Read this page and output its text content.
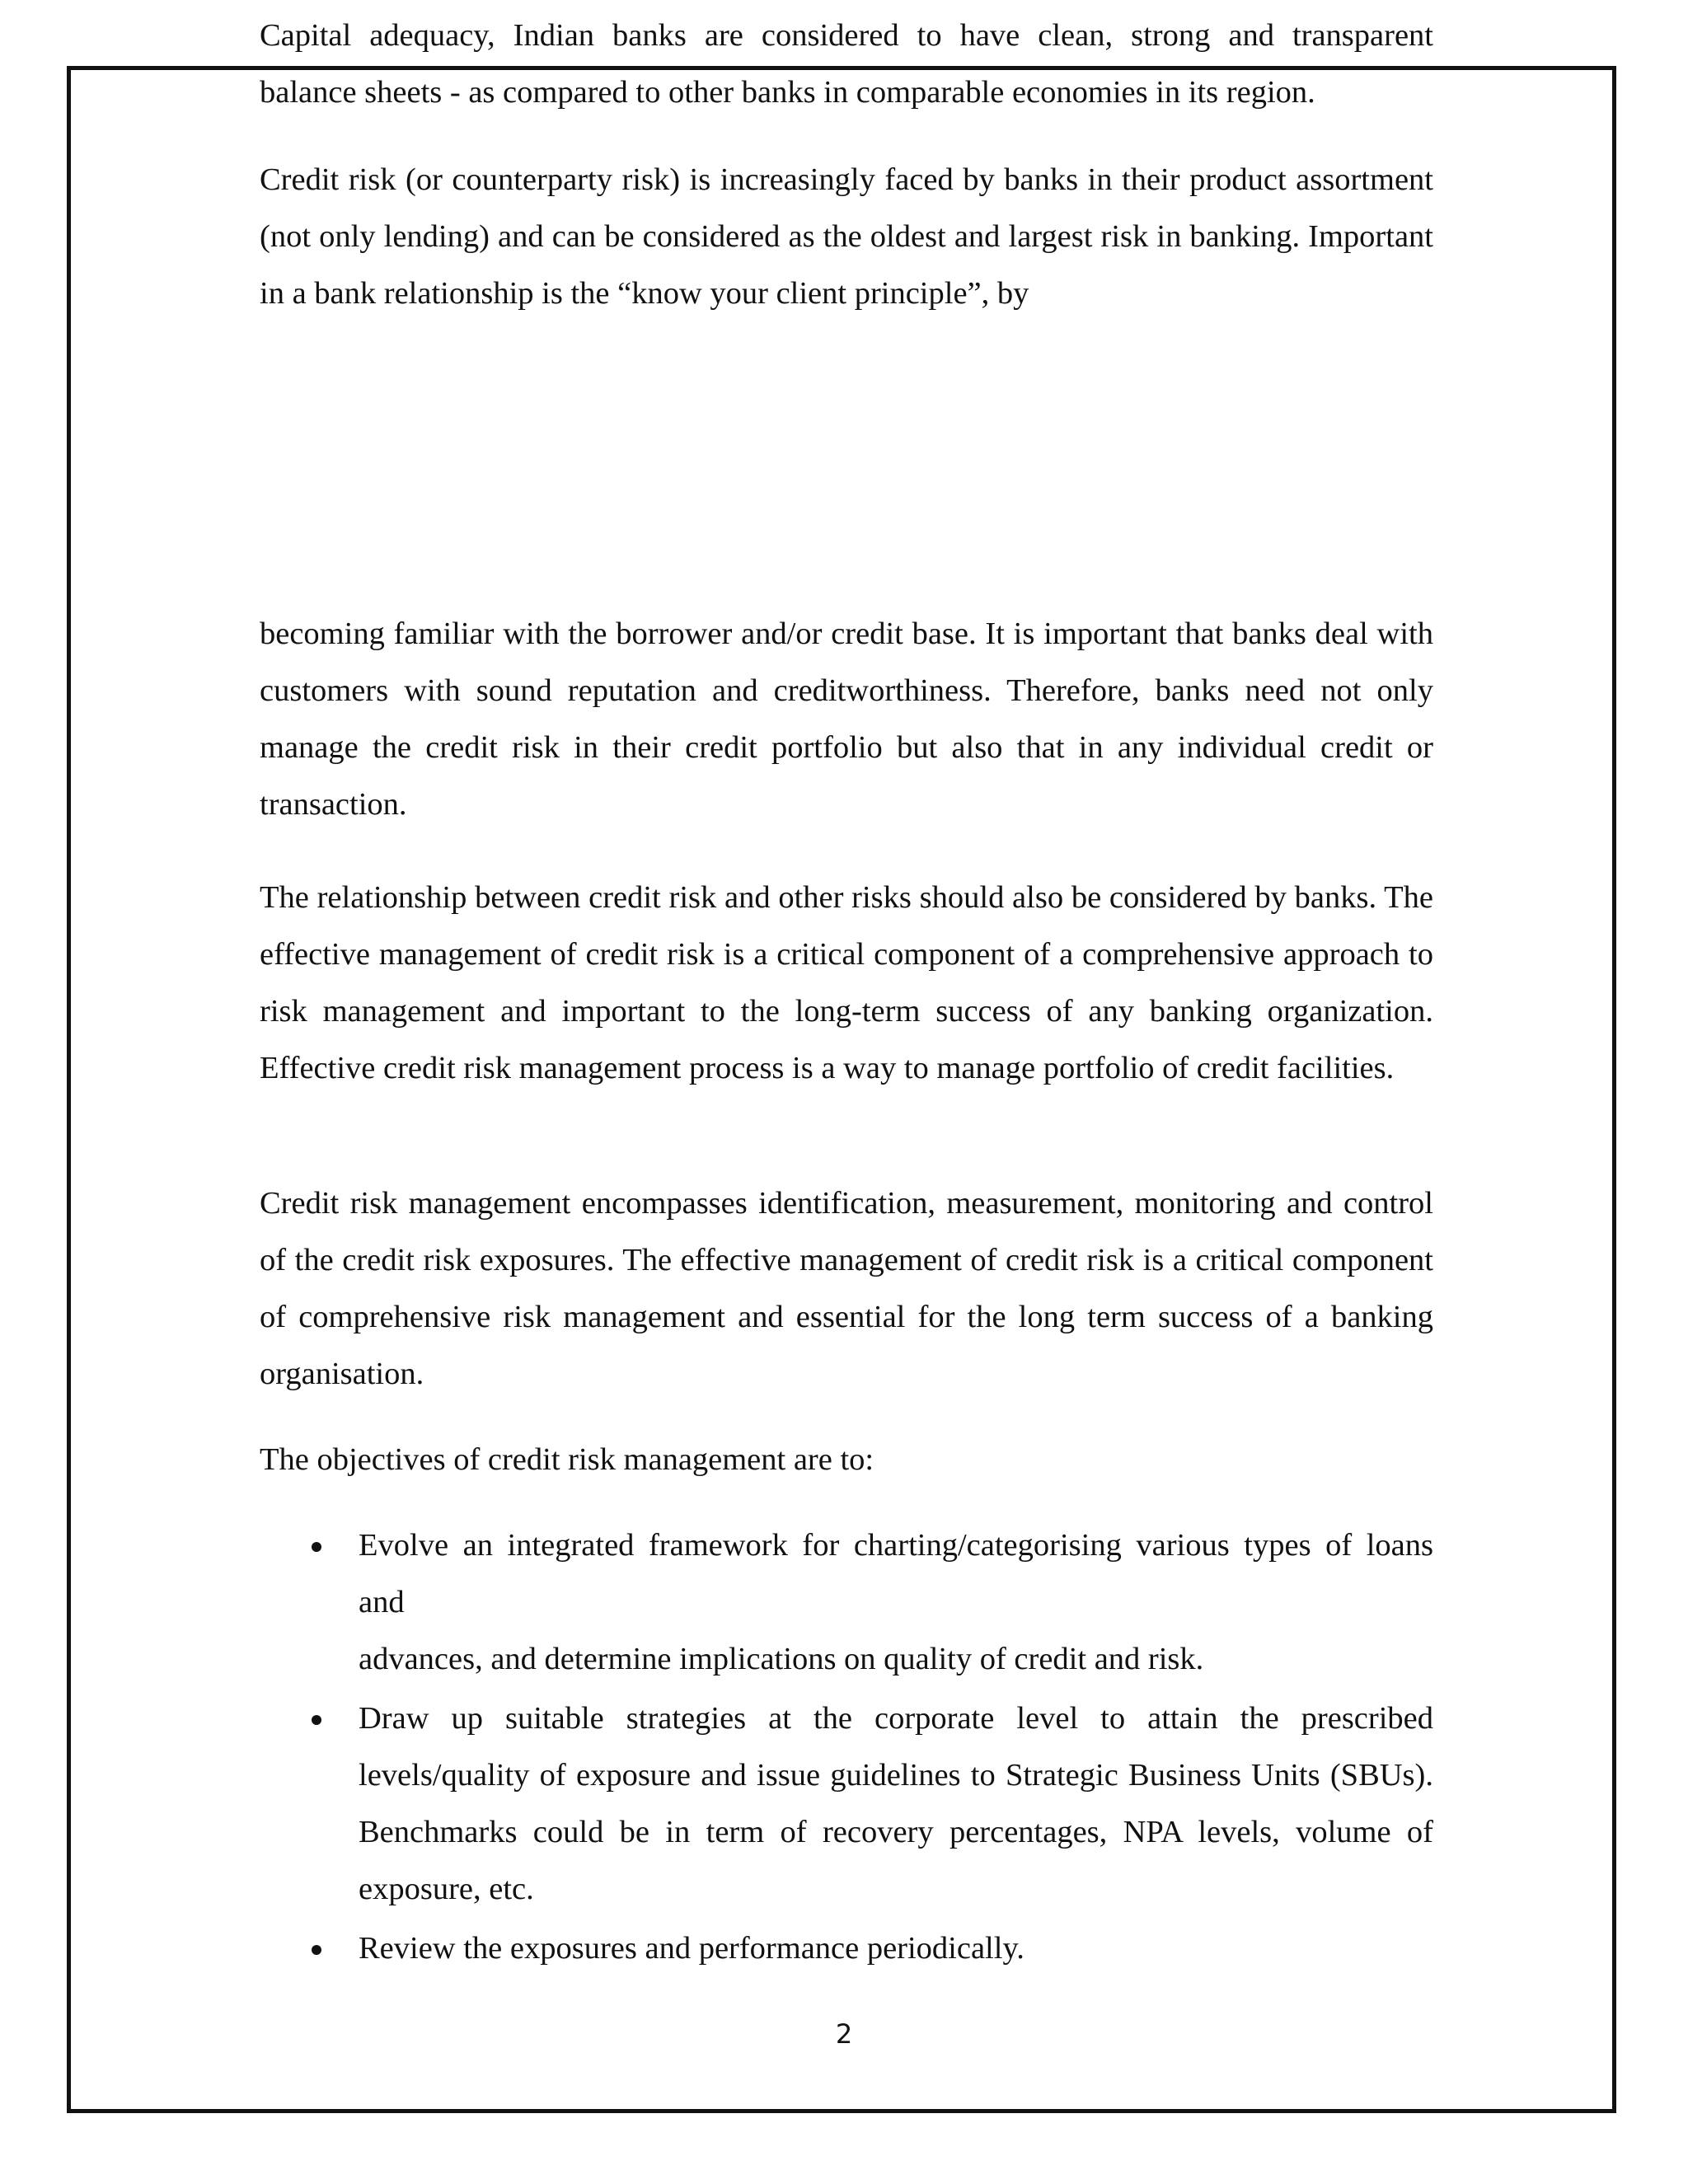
Capital adequacy, Indian banks are considered to have clean, strong and transparent

balance sheets - as compared to other banks in comparable economies in its region.

Credit risk (or counterparty risk) is increasingly faced by banks in their product assortment (not only lending) and can be considered as the oldest and largest risk in banking. Important in a bank relationship is the “know your client principle”, by

becoming familiar with the borrower and/or credit base. It is important that banks deal with customers with sound reputation and creditworthiness. Therefore, banks need not only manage the credit risk in their credit portfolio but also that in any individual credit or transaction.

The relationship between credit risk and other risks should also be considered by banks. The effective management of credit risk is a critical component of a comprehensive approach to risk management and important to the long-term success of any banking organization. Effective credit risk management process is a way to manage portfolio of credit facilities.

Credit risk management encompasses identification, measurement, monitoring and control of the credit risk exposures. The effective management of credit risk is a critical component of comprehensive risk management and essential for the long term success of a banking organisation.

The objectives of credit risk management are to:

Evolve an integrated framework for charting/categorising various types of loans
and
advances, and determine implications on quality of credit and risk.
Draw up suitable strategies at the corporate level to attain the prescribed levels/quality of exposure and issue guidelines to Strategic Business Units (SBUs). Benchmarks could be in term of recovery percentages, NPA levels, volume of exposure, etc.
Review the exposures and performance periodically.
2
